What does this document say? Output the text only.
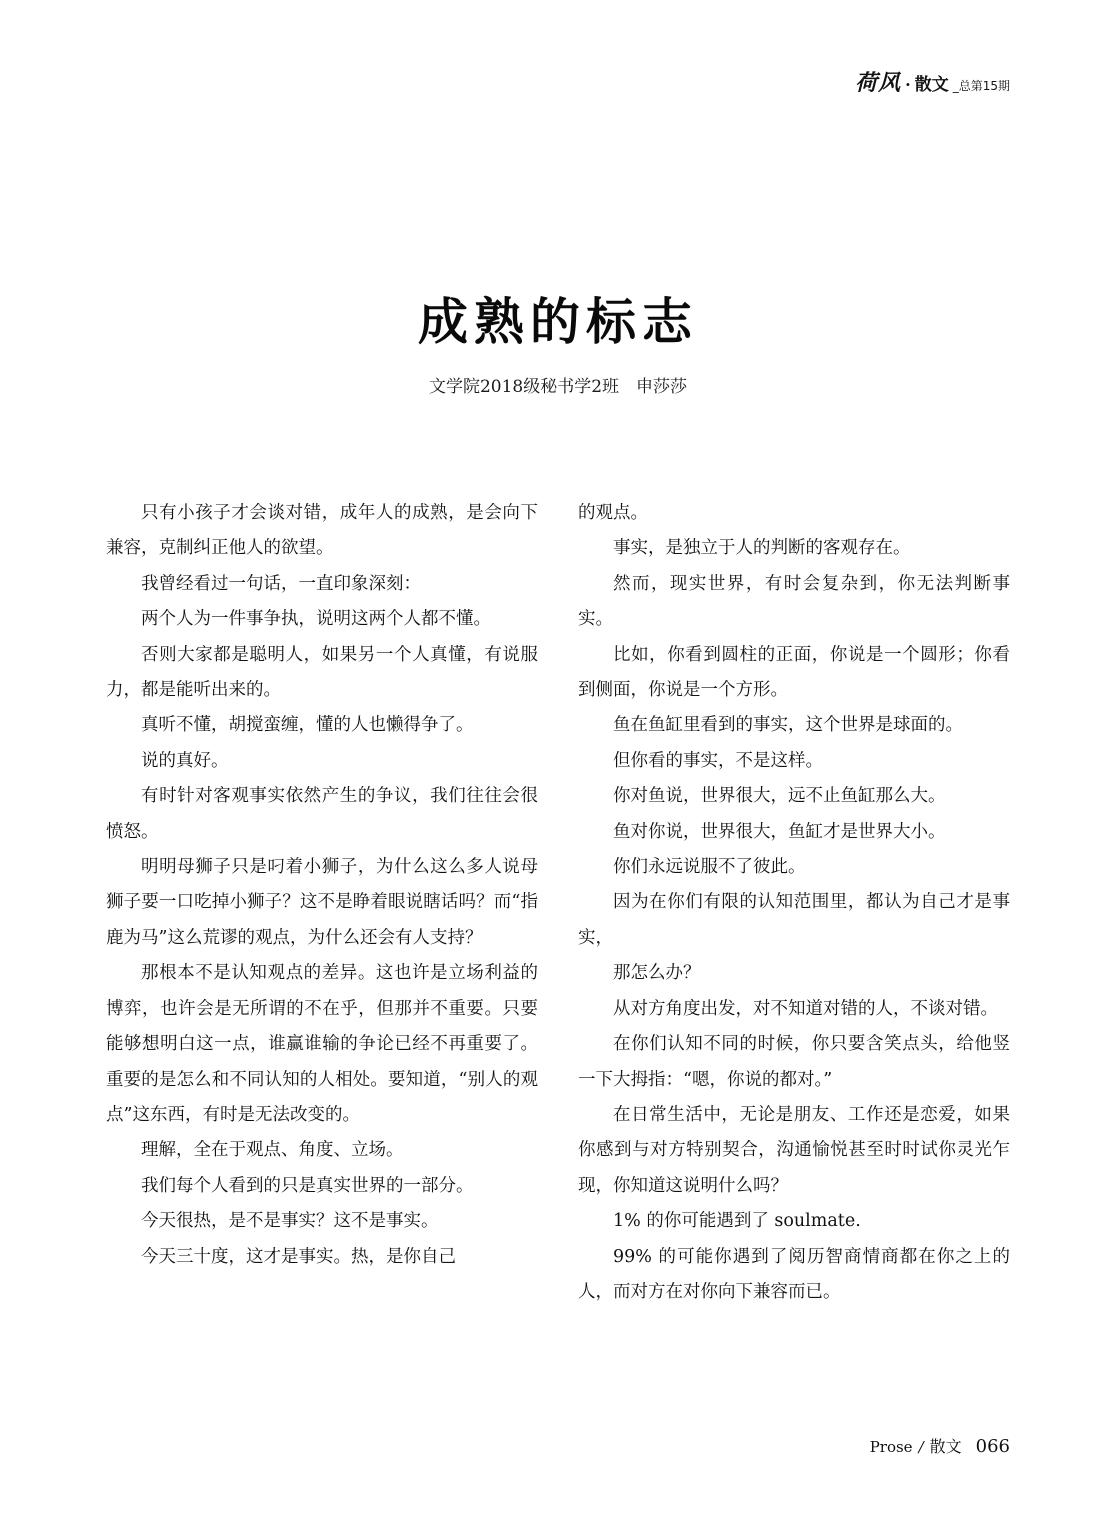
荷风 · 散文 _总第15期
成熟的标志
文学院2018级秘书学2班　申莎莎

只有小孩子才会谈对错，成年人的成熟，是会向下兼容，克制纠正他人的欲望。

我曾经看过一句话，一直印象深刻：

两个人为一件事争执，说明这两个人都不懂。

否则大家都是聪明人，如果另一个人真懂，有说服力，都是能听出来的。

真听不懂，胡搅蛮缠，懂的人也懒得争了。

说的真好。

有时针对客观事实依然产生的争议，我们往往会很愤怒。

明明母狮子只是叼着小狮子，为什么这么多人说母狮子要一口吃掉小狮子？这不是睁着眼说瞎话吗？而“指鹿为马”这么荒谬的观点，为什么还会有人支持？

那根本不是认知观点的差异。这也许是立场利益的博弈，也许会是无所谓的不在乎，但那并不重要。只要能够想明白这一点，谁赢谁输的争论已经不再重要了。重要的是怎么和不同认知的人相处。要知道，“别人的观点”这东西，有时是无法改变的。

理解，全在于观点、角度、立场。

我们每个人看到的只是真实世界的一部分。

今天很热，是不是事实？这不是事实。

今天三十度，这才是事实。热，是你自己

的观点。

事实，是独立于人的判断的客观存在。

然而，现实世界，有时会复杂到，你无法判断事实。

比如，你看到圆柱的正面，你说是一个圆形；你看到侧面，你说是一个方形。

鱼在鱼缸里看到的事实，这个世界是球面的。

但你看的事实，不是这样。

你对鱼说，世界很大，远不止鱼缸那么大。

鱼对你说，世界很大，鱼缸才是世界大小。

你们永远说服不了彼此。

因为在你们有限的认知范围里，都认为自己才是事实，

那怎么办？

从对方角度出发，对不知道对错的人，不谈对错。

在你们认知不同的时候，你只要含笑点头，给他竖一下大拇指：“嗯，你说的都对。”

在日常生活中，无论是朋友、工作还是恋爱，如果你感到与对方特别契合，沟通愉悦甚至时时试你灵光乍现，你知道这说明什么吗？

1% 的你可能遇到了 soulmate.

99% 的可能你遇到了阅历智商情商都在你之上的人，而对方在对你向下兼容而已。

Prose / 散文 066
